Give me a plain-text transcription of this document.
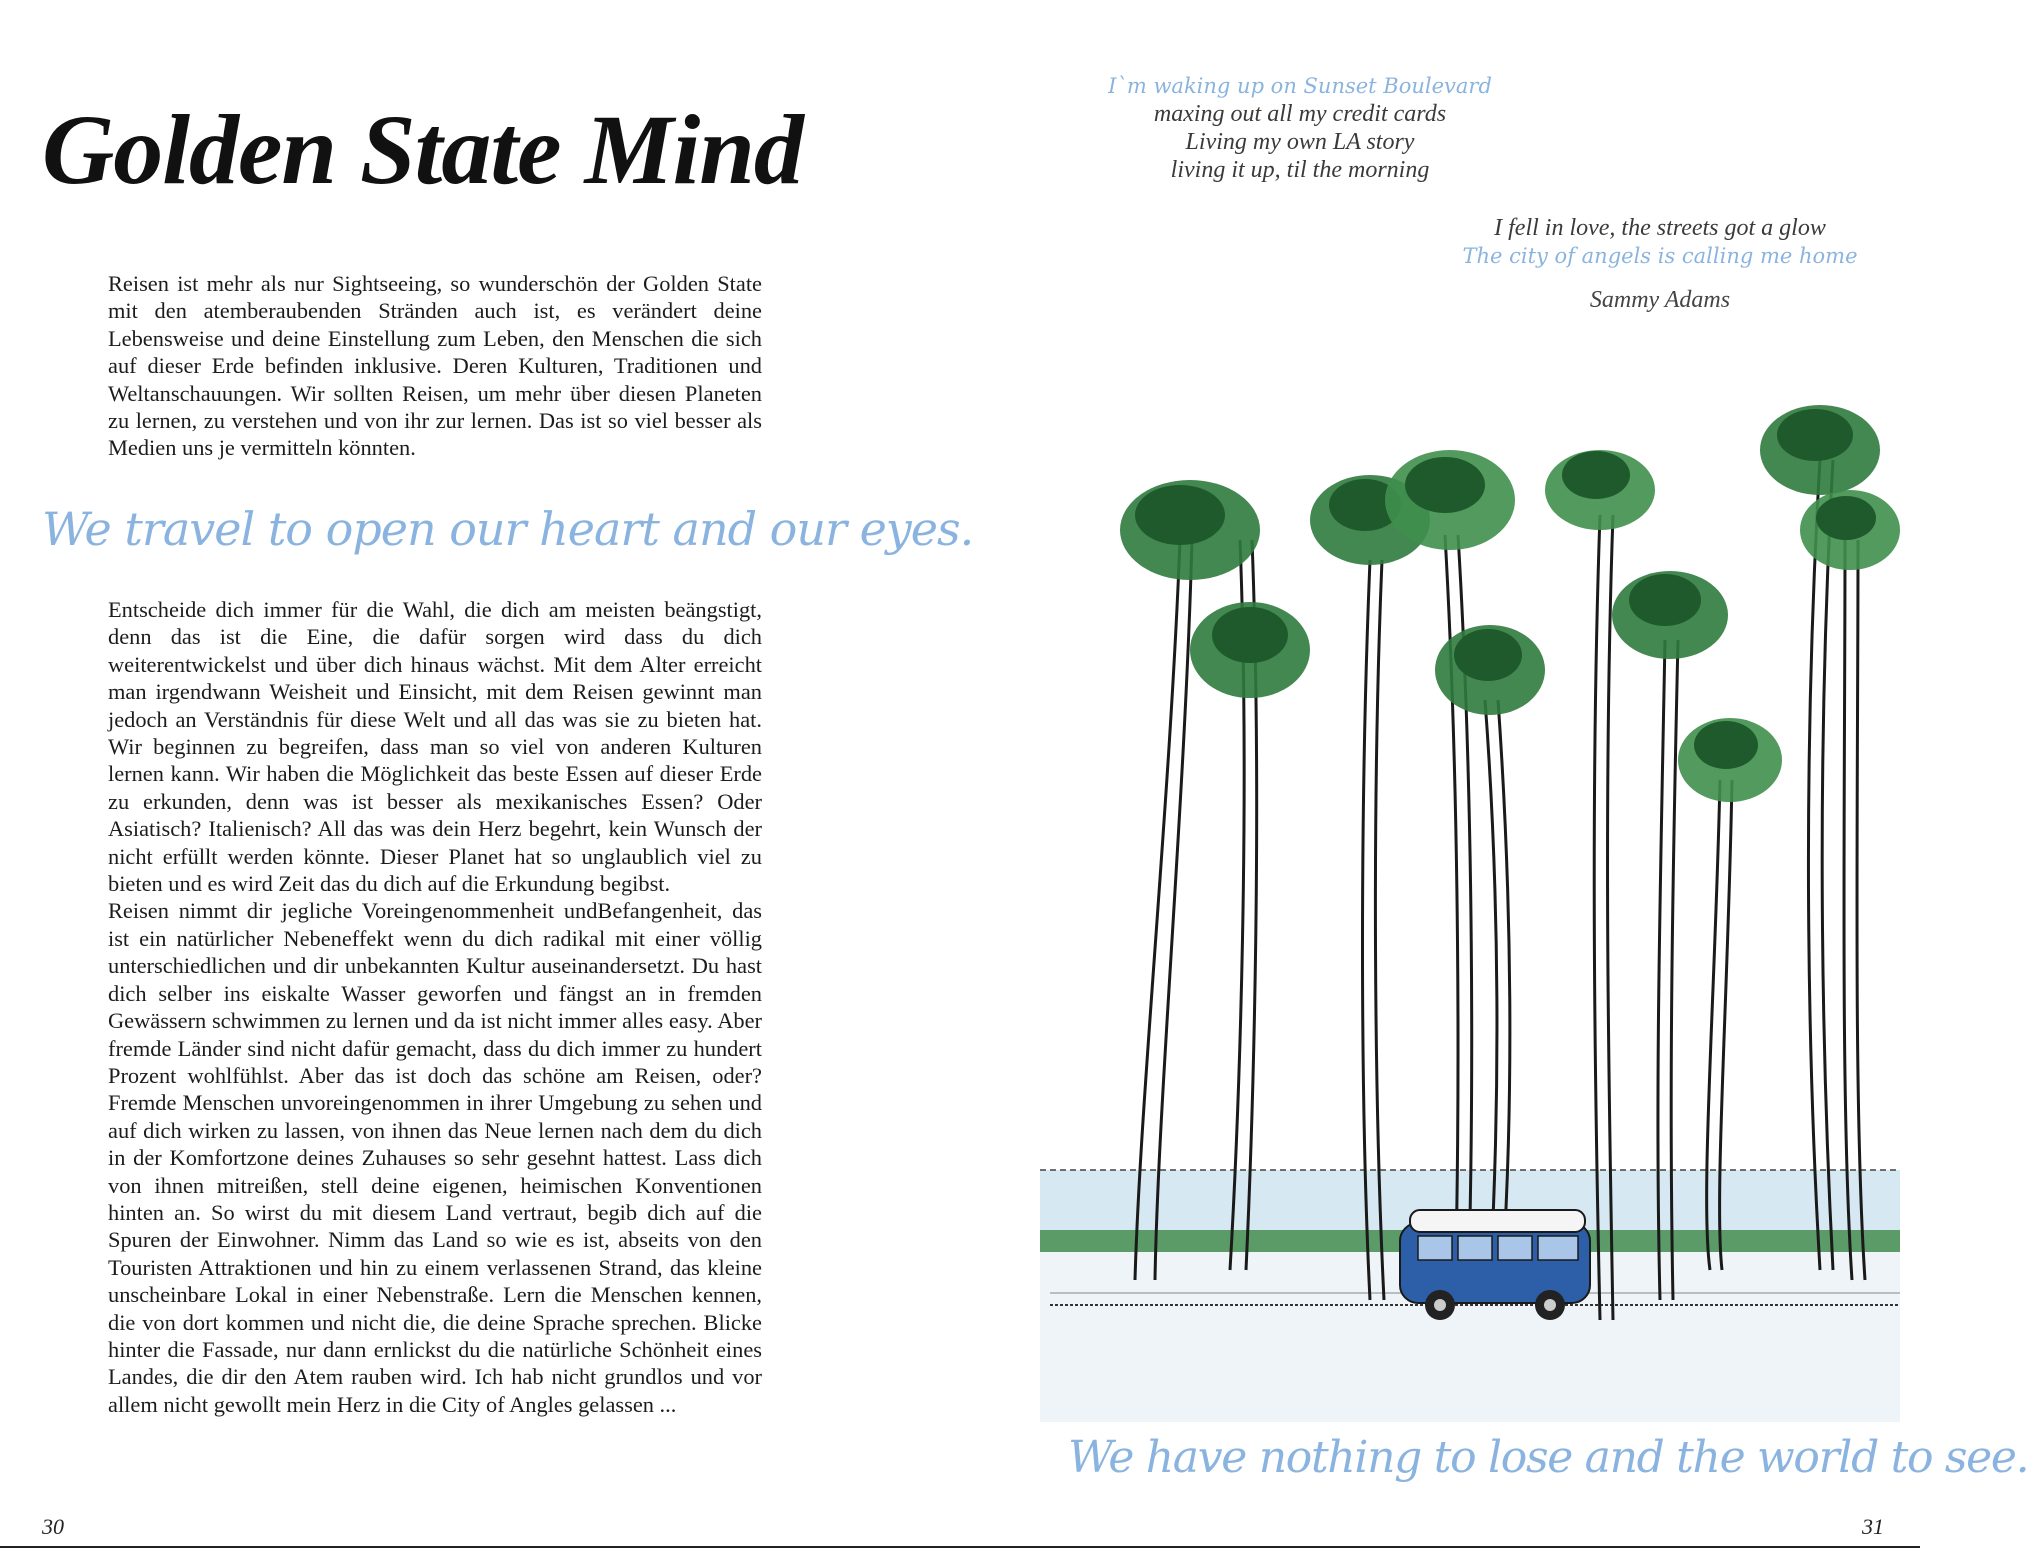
Golden State Mind

Reisen ist mehr als nur Sightseeing, so wunderschön der Golden State mit den atemberaubenden Stränden auch ist, es verändert deine Lebensweise und deine Einstellung zum Leben, den Menschen die sich auf dieser Erde befinden inklusive. Deren Kulturen, Traditionen und Weltanschauungen. Wir sollten Reisen, um mehr über diesen Planeten zu lernen, zu verstehen und von ihr zur lernen. Das ist so viel besser als Medien uns je vermitteln könnten.

We travel to open our heart and our eyes.

Entscheide dich immer für die Wahl, die dich am meisten beängstigt, denn das ist die Eine, die dafür sorgen wird dass du dich weiterentwickelst und über dich hinaus wächst. Mit dem Alter erreicht man irgendwann Weisheit und Einsicht, mit dem Reisen gewinnt man jedoch an Verständnis für diese Welt und all das was sie zu bieten hat. Wir beginnen zu begreifen, dass man so viel von anderen Kulturen lernen kann. Wir haben die Möglichkeit das beste Essen auf dieser Erde zu erkunden, denn was ist besser als mexikanisches Essen? Oder Asiatisch? Italienisch? All das was dein Herz begehrt, kein Wunsch der nicht erfüllt werden könnte. Dieser Planet hat so unglaublich viel zu bieten und es wird Zeit das du dich auf die Erkundung begibst.

Reisen nimmt dir jegliche Voreingenommenheit undBefangenheit, das ist ein natürlicher Nebeneffekt wenn du dich radikal mit einer völlig unterschiedlichen und dir unbekannten Kultur auseinandersetzt. Du hast dich selber ins eiskalte Wasser geworfen und fängst an in fremden Gewässern schwimmen zu lernen und da ist nicht immer alles easy. Aber fremde Länder sind nicht dafür gemacht, dass du dich immer zu hundert Prozent wohlfühlst. Aber das ist doch das schöne am Reisen, oder? Fremde Menschen unvoreingenommen in ihrer Umgebung zu sehen und auf dich wirken zu lassen, von ihnen das Neue lernen nach dem du dich in der Komfortzone deines Zuhauses so sehr gesehnt hattest. Lass dich von ihnen mitreißen, stell deine eigenen, heimischen Konventionen hinten an. So wirst du mit diesem Land vertraut, begib dich auf die Spuren der Einwohner. Nimm das Land so wie es ist, abseits von den Touristen Attraktionen und hin zu einem verlassenen Strand, das kleine unscheinbare Lokal in einer Nebenstraße. Lern die Menschen kennen, die von dort kommen und nicht die, die deine Sprache sprechen. Blicke hinter die Fassade, nur dann ernlickst du die natürliche Schönheit eines Landes, die dir den Atem rauben wird. Ich hab nicht grundlos und vor allem nicht gewollt mein Herz in die City of Angles gelassen ...

30
I`m waking up on Sunset Boulevard
maxing out all my credit cards
Living my own LA story
living it up, til the morning
I fell in love, the streets got a glow
The city of angels is calling me home
Sammy Adams
We have nothing to lose and the world to see.
31
